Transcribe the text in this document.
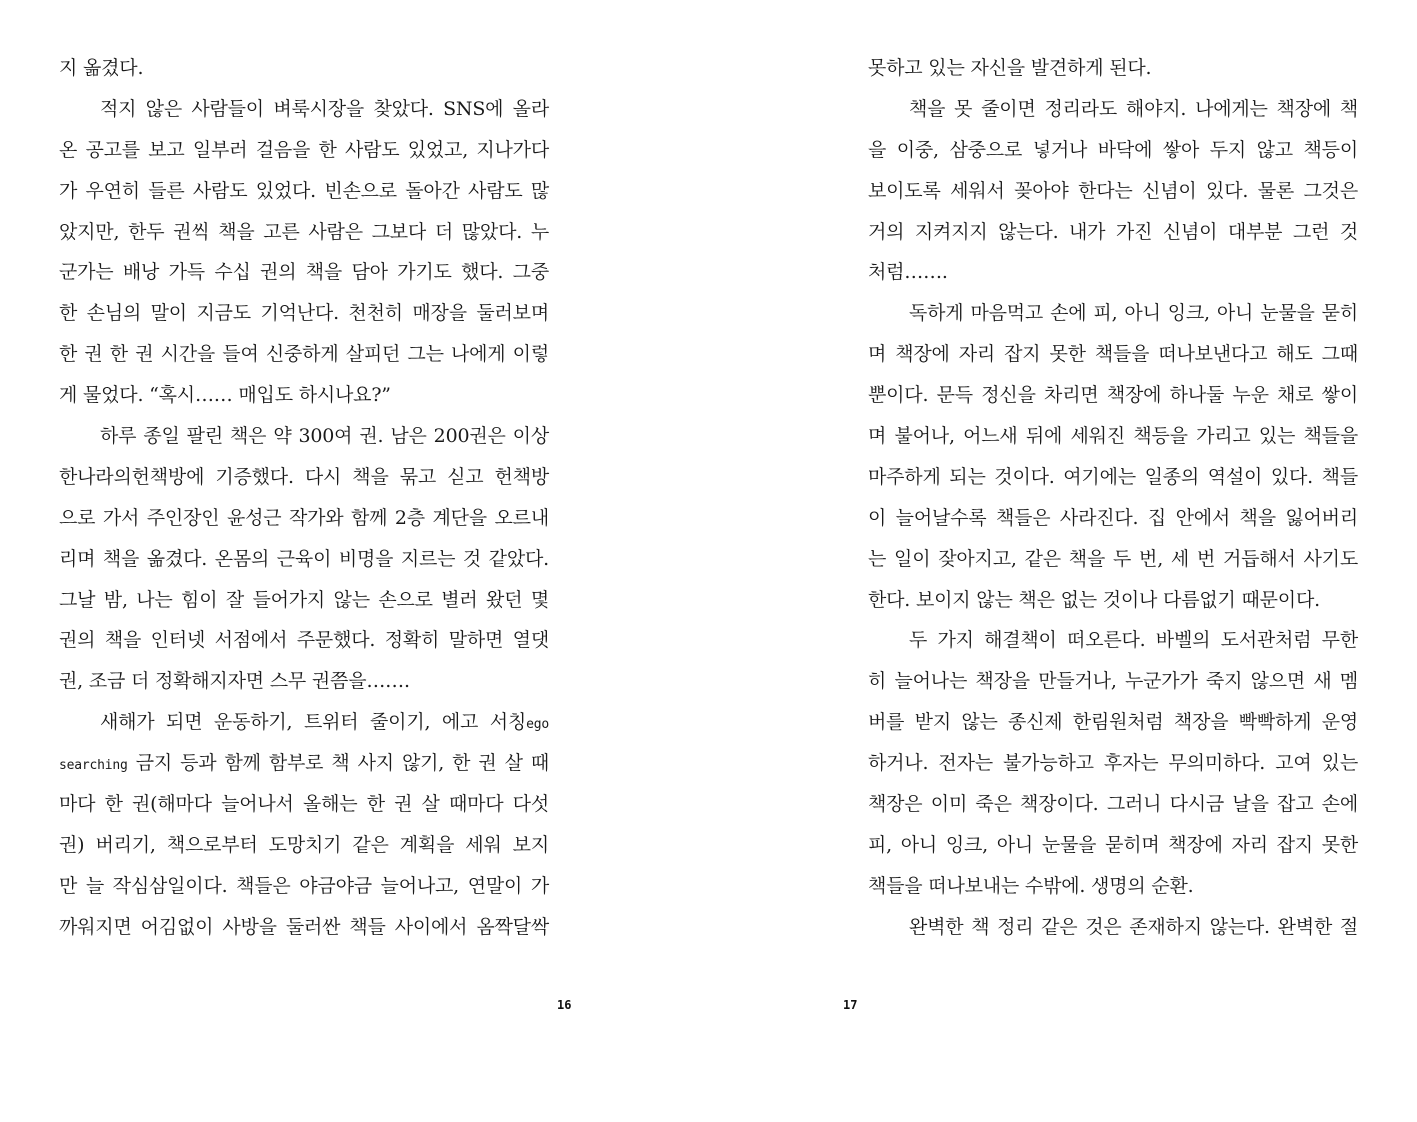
지 옮겼다.
적지 않은 사람들이 벼룩시장을 찾았다. SNS에 올라
온 공고를 보고 일부러 걸음을 한 사람도 있었고, 지나가다
가 우연히 들른 사람도 있었다. 빈손으로 돌아간 사람도 많
았지만, 한두 권씩 책을 고른 사람은 그보다 더 많았다. 누
군가는 배낭 가득 수십 권의 책을 담아 가기도 했다. 그중
한 손님의 말이 지금도 기억난다. 천천히 매장을 둘러보며
한 권 한 권 시간을 들여 신중하게 살피던 그는 나에게 이렇
게 물었다. “혹시…… 매입도 하시나요?”
하루 종일 팔린 책은 약 300여 권. 남은 200권은 이상
한나라의헌책방에 기증했다. 다시 책을 묶고 싣고 헌책방
으로 가서 주인장인 윤성근 작가와 함께 2층 계단을 오르내
리며 책을 옮겼다. 온몸의 근육이 비명을 지르는 것 같았다.
그날 밤, 나는 힘이 잘 들어가지 않는 손으로 별러 왔던 몇
권의 책을 인터넷 서점에서 주문했다. 정확히 말하면 열댓
권, 조금 더 정확해지자면 스무 권쯤을…….
새해가 되면 운동하기, 트위터 줄이기, 에고 서칭ego
searching 금지 등과 함께 함부로 책 사지 않기, 한 권 살 때
마다 한 권(해마다 늘어나서 올해는 한 권 살 때마다 다섯
권) 버리기, 책으로부터 도망치기 같은 계획을 세워 보지
만 늘 작심삼일이다. 책들은 야금야금 늘어나고, 연말이 가
까워지면 어김없이 사방을 둘러싼 책들 사이에서 옴짝달싹
못하고 있는 자신을 발견하게 된다.
책을 못 줄이면 정리라도 해야지. 나에게는 책장에 책
을 이중, 삼중으로 넣거나 바닥에 쌓아 두지 않고 책등이
보이도록 세워서 꽂아야 한다는 신념이 있다. 물론 그것은
거의 지켜지지 않는다. 내가 가진 신념이 대부분 그런 것
처럼…….
독하게 마음먹고 손에 피, 아니 잉크, 아니 눈물을 묻히
며 책장에 자리 잡지 못한 책들을 떠나보낸다고 해도 그때
뿐이다. 문득 정신을 차리면 책장에 하나둘 누운 채로 쌓이
며 불어나, 어느새 뒤에 세워진 책등을 가리고 있는 책들을
마주하게 되는 것이다. 여기에는 일종의 역설이 있다. 책들
이 늘어날수록 책들은 사라진다. 집 안에서 책을 잃어버리
는 일이 잦아지고, 같은 책을 두 번, 세 번 거듭해서 사기도
한다. 보이지 않는 책은 없는 것이나 다름없기 때문이다.
두 가지 해결책이 떠오른다. 바벨의 도서관처럼 무한
히 늘어나는 책장을 만들거나, 누군가가 죽지 않으면 새 멤
버를 받지 않는 종신제 한림원처럼 책장을 빡빡하게 운영
하거나. 전자는 불가능하고 후자는 무의미하다. 고여 있는
책장은 이미 죽은 책장이다. 그러니 다시금 날을 잡고 손에
피, 아니 잉크, 아니 눈물을 묻히며 책장에 자리 잡지 못한
책들을 떠나보내는 수밖에. 생명의 순환.
완벽한 책 정리 같은 것은 존재하지 않는다. 완벽한 절
16	17
